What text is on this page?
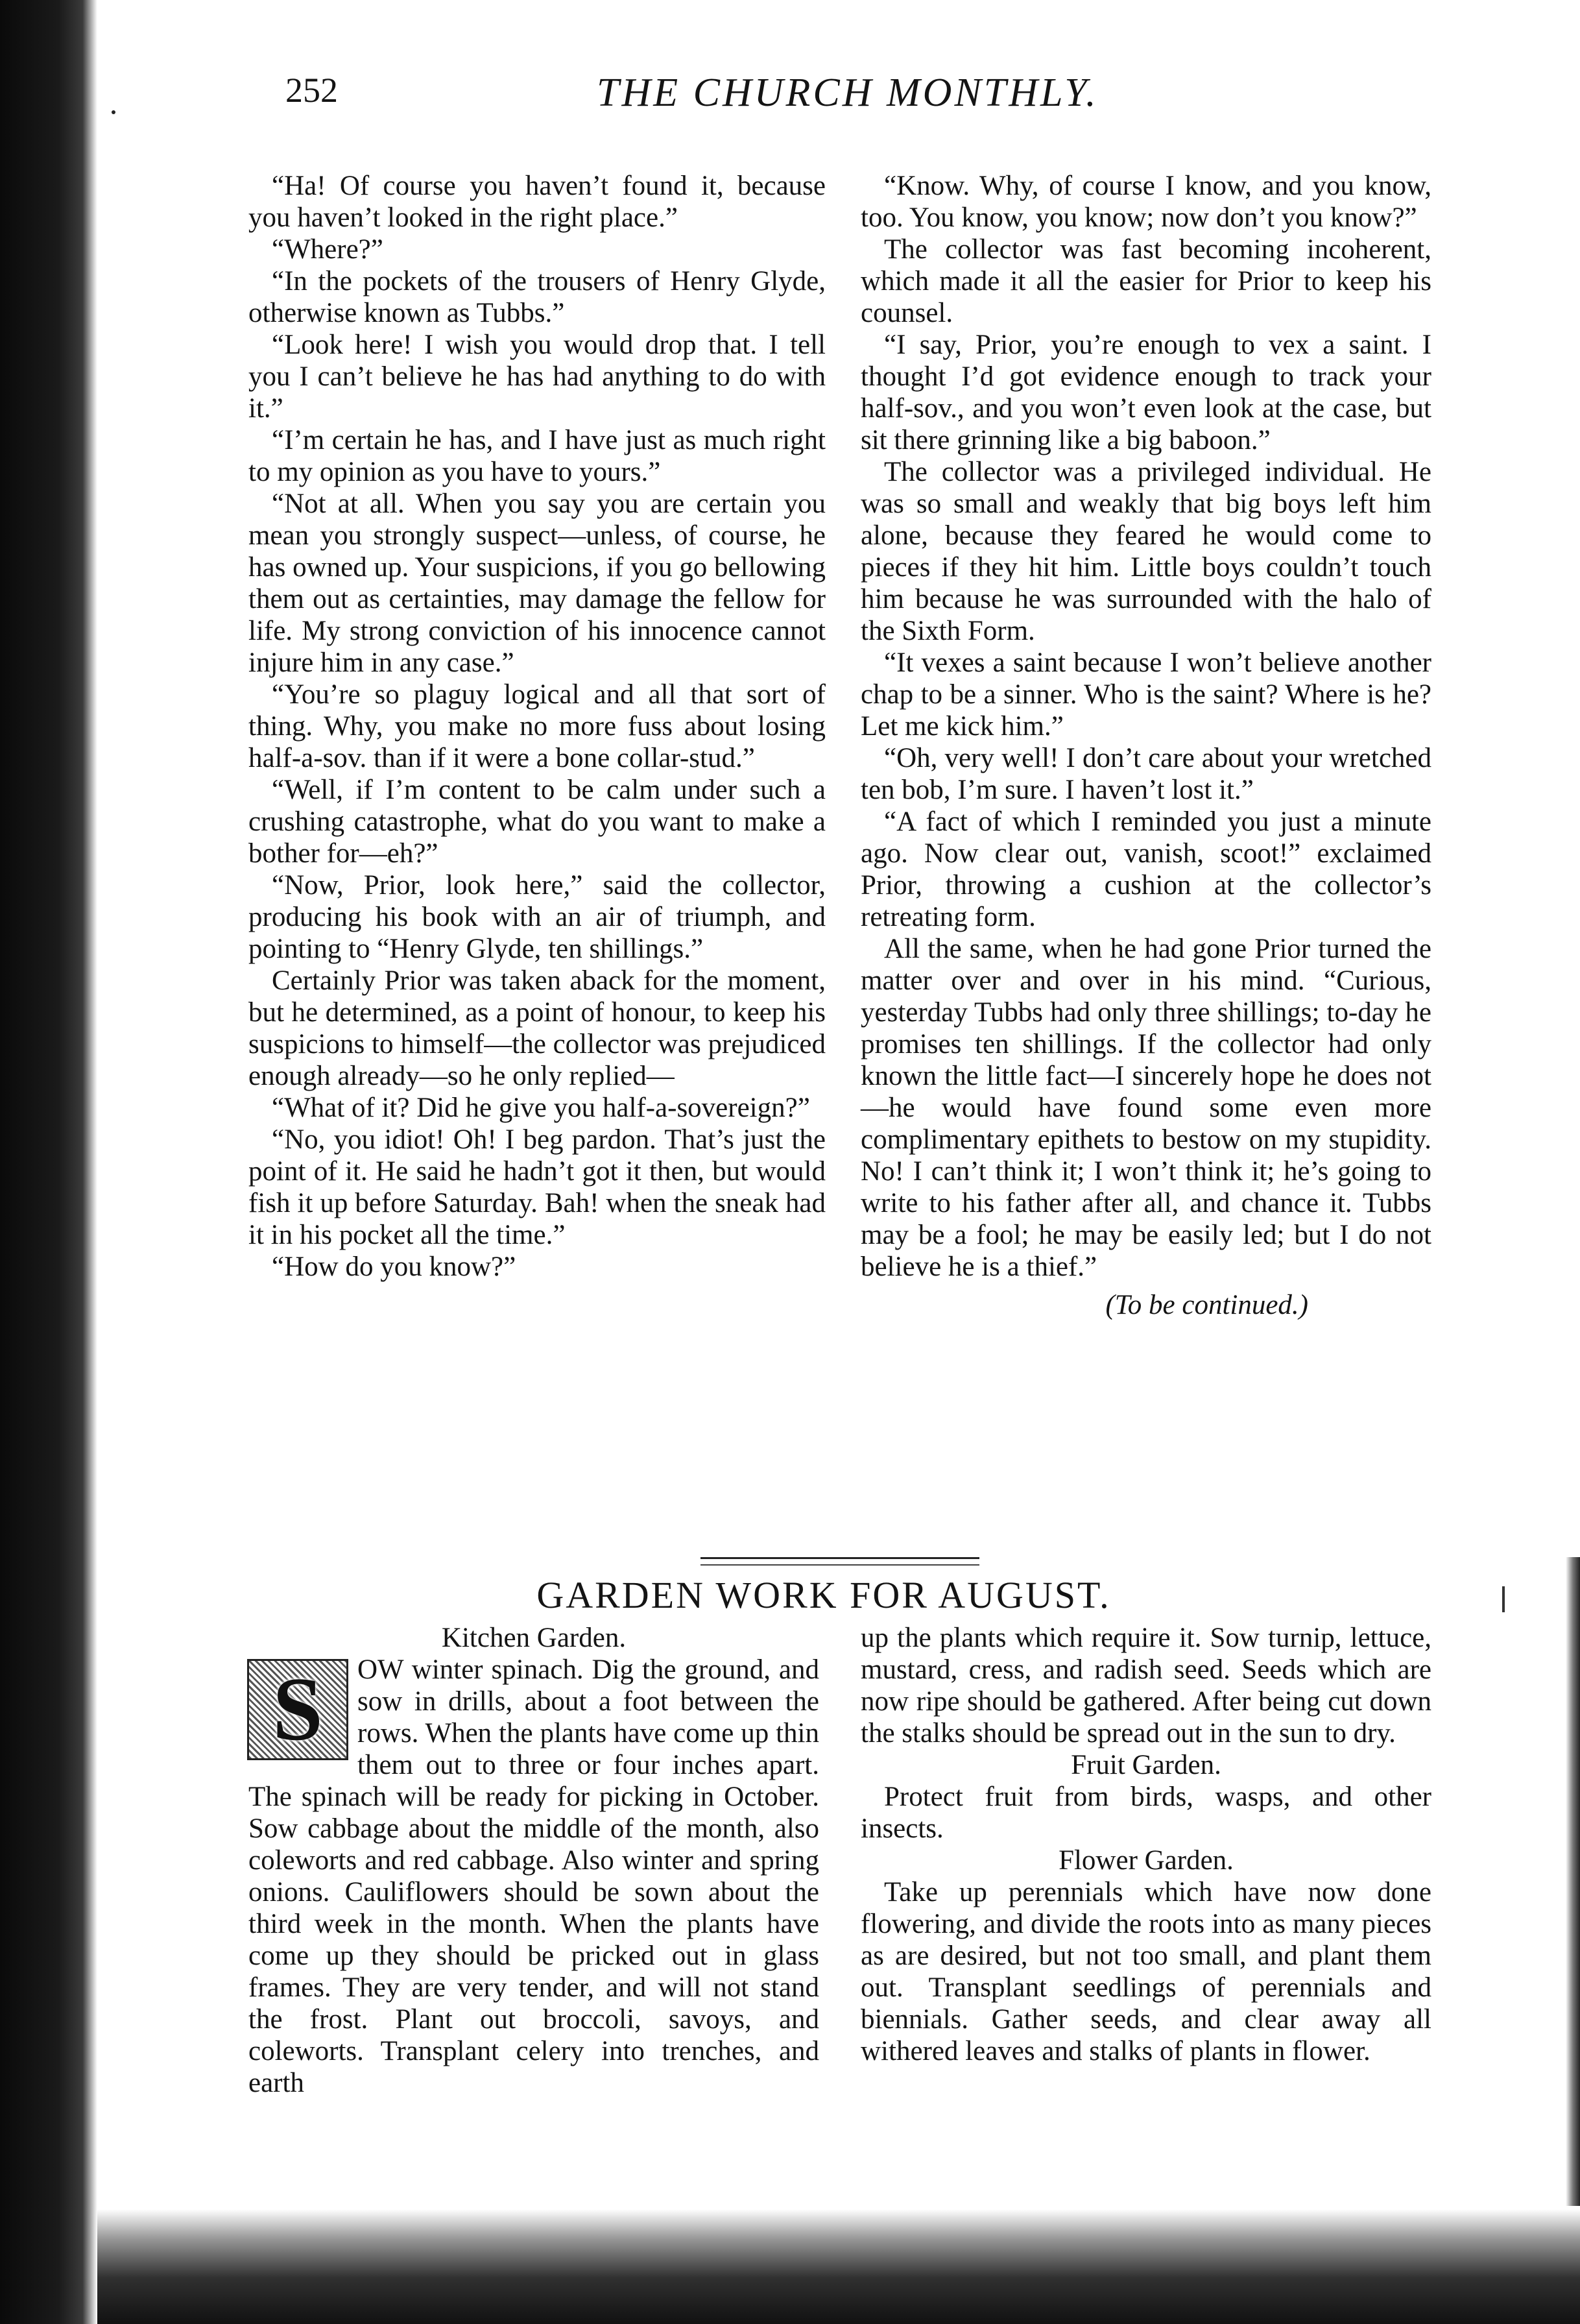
252	THE CHURCH MONTHLY.

“Ha! Of course you haven’t found it, because you haven’t looked in the right place.”

“Where?”

“In the pockets of the trousers of Henry Glyde, otherwise known as Tubbs.”

“Look here! I wish you would drop that. I tell you I can’t believe he has had anything to do with it.”

“I’m certain he has, and I have just as much right to my opinion as you have to yours.”

“Not at all. When you say you are certain you mean you strongly suspect—unless, of course, he has owned up. Your suspicions, if you go bellowing them out as certainties, may damage the fellow for life. My strong conviction of his innocence cannot injure him in any case.”

“You’re so plaguy logical and all that sort of thing. Why, you make no more fuss about losing half-a-sov. than if it were a bone collar-stud.”

“Well, if I’m content to be calm under such a crushing catastrophe, what do you want to make a bother for—eh?”

“Now, Prior, look here,” said the collector, producing his book with an air of triumph, and pointing to “Henry Glyde, ten shillings.”

Certainly Prior was taken aback for the moment, but he determined, as a point of honour, to keep his suspicions to himself—the collector was prejudiced enough already—so he only replied—

“What of it? Did he give you half-a-sovereign?”

“No, you idiot! Oh! I beg pardon. That’s just the point of it. He said he hadn’t got it then, but would fish it up before Saturday. Bah! when the sneak had it in his pocket all the time.”

“How do you know?”

“Know. Why, of course I know, and you know, too. You know, you know; now don’t you know?”

The collector was fast becoming incoherent, which made it all the easier for Prior to keep his counsel.

“I say, Prior, you’re enough to vex a saint. I thought I’d got evidence enough to track your half-sov., and you won’t even look at the case, but sit there grinning like a big baboon.”

The collector was a privileged individual. He was so small and weakly that big boys left him alone, because they feared he would come to pieces if they hit him. Little boys couldn’t touch him because he was surrounded with the halo of the Sixth Form.

“It vexes a saint because I won’t believe another chap to be a sinner. Who is the saint? Where is he? Let me kick him.”

“Oh, very well! I don’t care about your wretched ten bob, I’m sure. I haven’t lost it.”

“A fact of which I reminded you just a minute ago. Now clear out, vanish, scoot!” exclaimed Prior, throwing a cushion at the collector’s retreating form.

All the same, when he had gone Prior turned the matter over and over in his mind. “Curious, yesterday Tubbs had only three shillings; to-day he promises ten shillings. If the collector had only known the little fact—I sincerely hope he does not—he would have found some even more complimentary epithets to bestow on my stupidity. No! I can’t think it; I won’t think it; he’s going to write to his father after all, and chance it. Tubbs may be a fool; he may be easily led; but I do not believe he is a thief.”

(To be continued.)

GARDEN WORK FOR AUGUST.

Kitchen Garden.

S	OW winter spinach. Dig the ground, and sow in drills, about a foot between the rows. When the plants have come up thin them out to three or four inches apart. The spinach will be ready for picking in October. Sow cabbage about the middle of the month, also coleworts and red cabbage. Also winter and spring onions. Cauliflowers should be sown about the third week in the month. When the plants have come up they should be pricked out in glass frames. They are very tender, and will not stand the frost. Plant out broccoli, savoys, and coleworts. Transplant celery into trenches, and earth

up the plants which require it. Sow turnip, lettuce, mustard, cress, and radish seed. Seeds which are now ripe should be gathered. After being cut down the stalks should be spread out in the sun to dry.

Fruit Garden.

Protect fruit from birds, wasps, and other insects.

Flower Garden.

Take up perennials which have now done flowering, and divide the roots into as many pieces as are desired, but not too small, and plant them out. Transplant seedlings of perennials and biennials. Gather seeds, and clear away all withered leaves and stalks of plants in flower.
